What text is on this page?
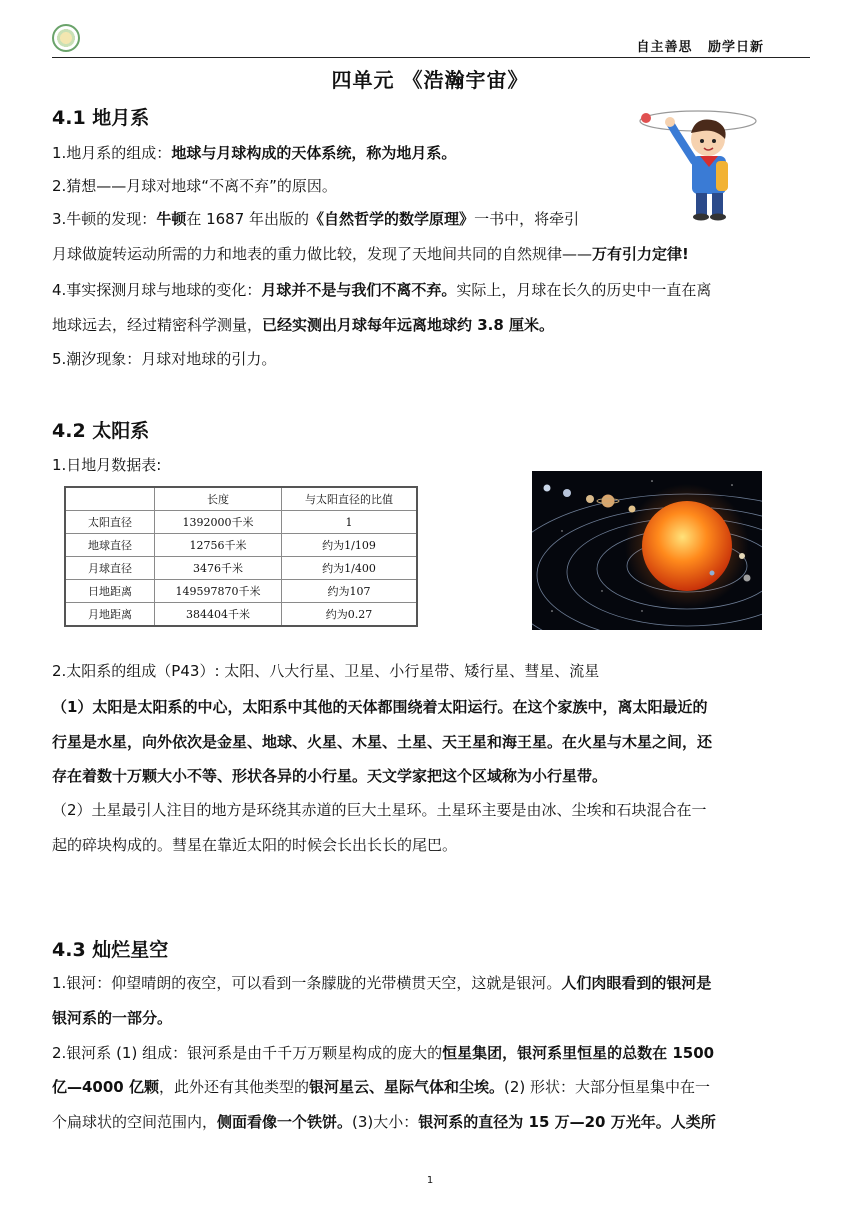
自主善思 励学日新
四单元 《浩瀚宇宙》
4.1 地月系
1.地月系的组成：地球与月球构成的天体系统，称为地月系。
2.猜想——月球对地球“不离不弃”的原因。
3.牛顿的发现：牛顿在 1687 年出版的《自然哲学的数学原理》一书中，将牵引
月球做旋转运动所需的力和地表的重力做比较，发现了天地间共同的自然规律——万有引力定律!
4.事实探测月球与地球的变化：月球并不是与我们不离不弃。实际上，月球在长久的历史中一直在离
地球远去，经过精密科学测量，已经实测出月球每年远离地球约 3.8 厘米。
5.潮汐现象：月球对地球的引力。
4.2 太阳系
1.日地月数据表:
	长度	与太阳直径的比值
太阳直径	1392000千米	1
地球直径	12756千米	约为1/109
月球直径	3476千米	约为1/400
日地距离	149597870千米	约为107
月地距离	384404千米	约为0.27
2.太阳系的组成（P43）: 太阳、八大行星、卫星、小行星带、矮行星、彗星、流星
（1）太阳是太阳系的中心，太阳系中其他的天体都围绕着太阳运行。在这个家族中，离太阳最近的
行星是水星，向外依次是金星、地球、火星、木星、土星、天王星和海王星。在火星与木星之间，还
存在着数十万颗大小不等、形状各异的小行星。天文学家把这个区域称为小行星带。
（2）土星最引人注目的地方是环绕其赤道的巨大土星环。土星环主要是由冰、尘埃和石块混合在一
起的碎块构成的。彗星在靠近太阳的时候会长出长长的尾巴。
4.3 灿烂星空
1.银河：仰望晴朗的夜空，可以看到一条朦胧的光带横贯天空，这就是银河。人们肉眼看到的银河是
银河系的一部分。
2.银河系 (1) 组成：银河系是由千千万万颗星构成的庞大的恒星集团，银河系里恒星的总数在 1500
亿—4000 亿颗，此外还有其他类型的银河星云、星际气体和尘埃。(2) 形状：大部分恒星集中在一
个扁球状的空间范围内，侧面看像一个铁饼。(3)大小：银河系的直径为 15 万—20 万光年。人类所
1
